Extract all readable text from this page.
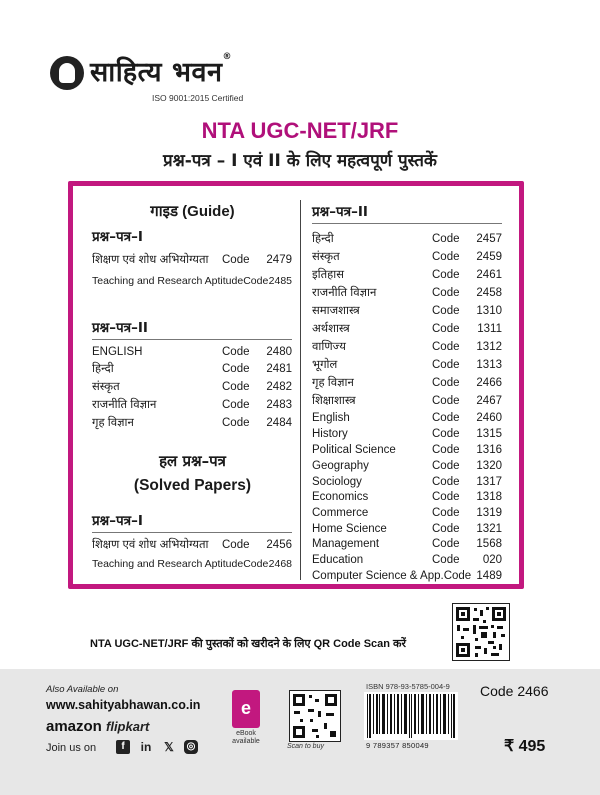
साहित्य भवन®
ISO 9001:2015 Certified
NTA UGC-NET/JRF
प्रश्न-पत्र – I एवं II के लिए महत्वपूर्ण पुस्तकें
गाइड (Guide)
प्रश्न–पत्र–I
शिक्षण एवं शोध अभियोग्यता	Code	2479
Teaching and Research Aptitude Code 2485
प्रश्न–पत्र–II
ENGLISH	Code	2480
हिन्दी	Code	2481
संस्कृत	Code	2482
राजनीति विज्ञान	Code	2483
गृह विज्ञान	Code	2484
हल प्रश्न–पत्र
(Solved Papers)
प्रश्न–पत्र–I
शिक्षण एवं शोध अभियोग्यता	Code	2456
Teaching and Research Aptitude Code 2468
प्रश्न–पत्र–II
हिन्दी	Code	2457
संस्कृत	Code	2459
इतिहास	Code	2461
राजनीति विज्ञान	Code	2458
समाजशास्त्र	Code	1310
अर्थशास्त्र	Code	1311
वाणिज्य	Code	1312
भूगोल	Code	1313
गृह विज्ञान	Code	2466
शिक्षाशास्त्र	Code	2467
English	Code	2460
History	Code	1315
Political Science	Code	1316
Geography	Code	1320
Sociology	Code	1317
Economics	Code	1318
Commerce	Code	1319
Home Science	Code	1321
Management	Code	1568
Education	Code	020
Computer Science & App. Code 1489
NTA UGC-NET/JRF की पुस्तकों को खरीदने के लिए QR Code Scan करें
Also Available on
www.sahityabhawan.co.in
amazon flipkart
Join us on	f	in 𝕏 ◎
e
eBook available
Scan to buy
ISBN 978-93-5785-004-9
9 789357 850049
Code 2466
₹ 495
